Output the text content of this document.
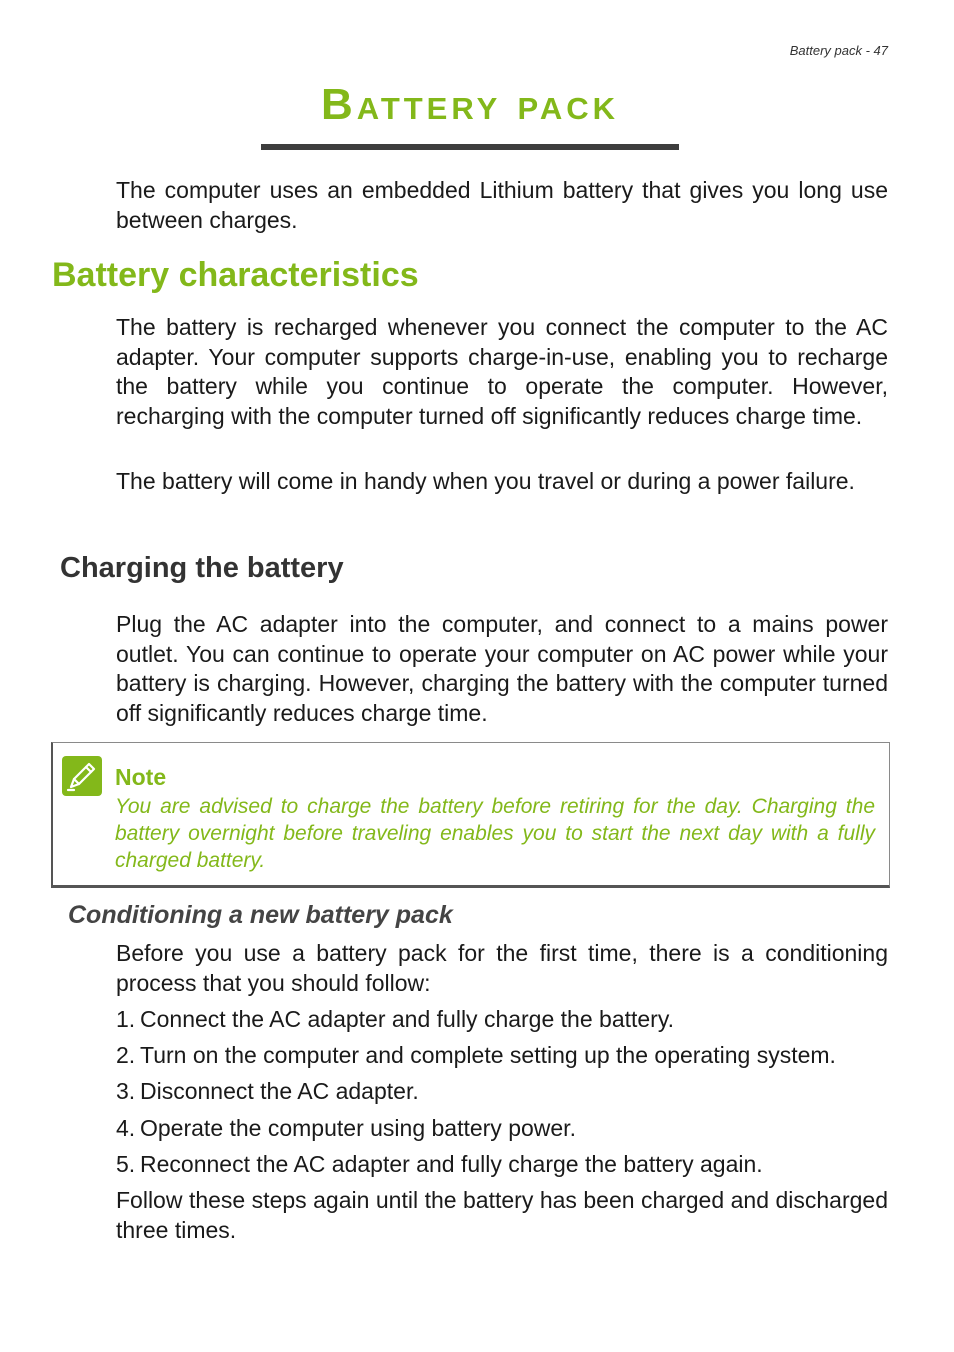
Battery pack - 47
Battery pack

The computer uses an embedded Lithium battery that gives you long use between charges.

Battery characteristics

The battery is recharged whenever you connect the computer to the AC adapter. Your computer supports charge-in-use, enabling you to recharge the battery while you continue to operate the computer. However, recharging with the computer turned off significantly reduces charge time.

The battery will come in handy when you travel or during a power failure.

Charging the battery

Plug the AC adapter into the computer, and connect to a mains power outlet. You can continue to operate your computer on AC power while your battery is charging. However, charging the battery with the computer turned off significantly reduces charge time.

Note
You are advised to charge the battery before retiring for the day. Charging the battery overnight before traveling enables you to start the next day with a fully charged battery.
Conditioning a new battery pack

Before you use a battery pack for the first time, there is a conditioning process that you should follow:

1. Connect the AC adapter and fully charge the battery.
2. Turn on the computer and complete setting up the operating system.
3. Disconnect the AC adapter.
4. Operate the computer using battery power.
5. Reconnect the AC adapter and fully charge the battery again.

Follow these steps again until the battery has been charged and discharged three times.
